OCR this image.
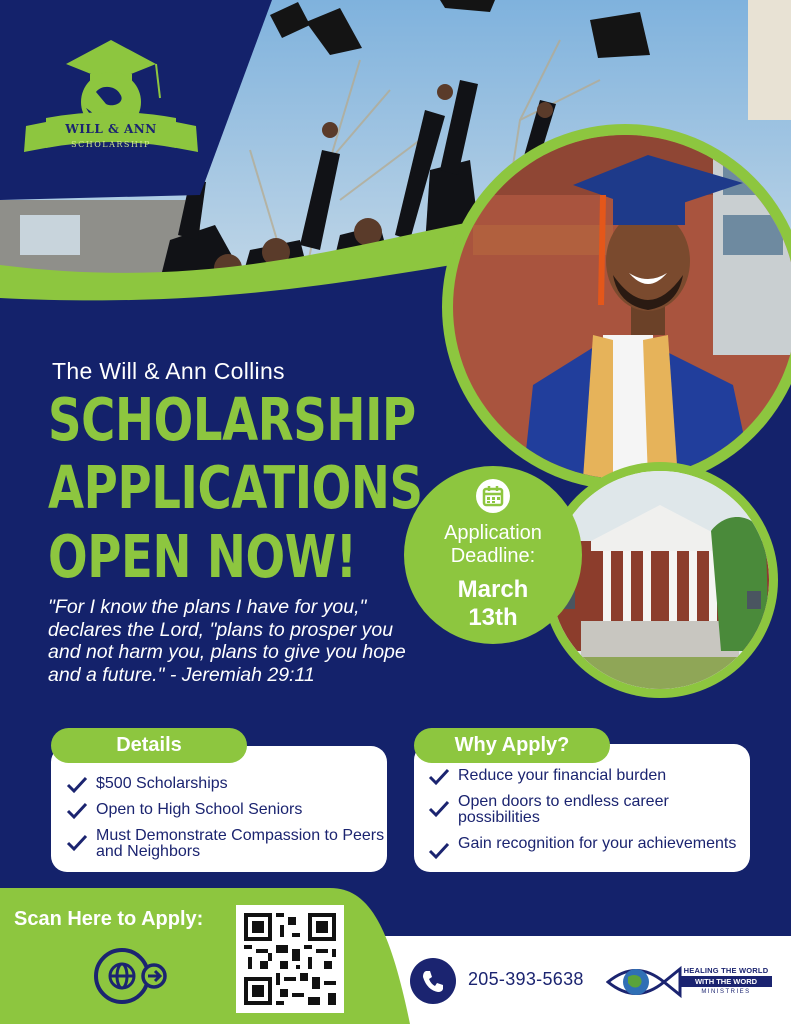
WILL & ANN
SCHOLARSHIP
Application
Deadline:
March
13th
The Will & Ann Collins
SCHOLARSHIP
APPLICATIONS
OPEN NOW!
"For I know the plans I have for you," declares the Lord, "plans to prosper you and not harm you, plans to give you hope and a future." - Jeremiah 29:11
Details
$500 Scholarships
Open to High School Seniors
Must Demonstrate Compassion to Peers and Neighbors
Why Apply?
Reduce your financial burden
Open doors to endless career possibilities
Gain recognition for your achievements
Scan Here to Apply:
205-393-5638	HEALING THE WORLD
WITH THE WORD
MINISTRIES
